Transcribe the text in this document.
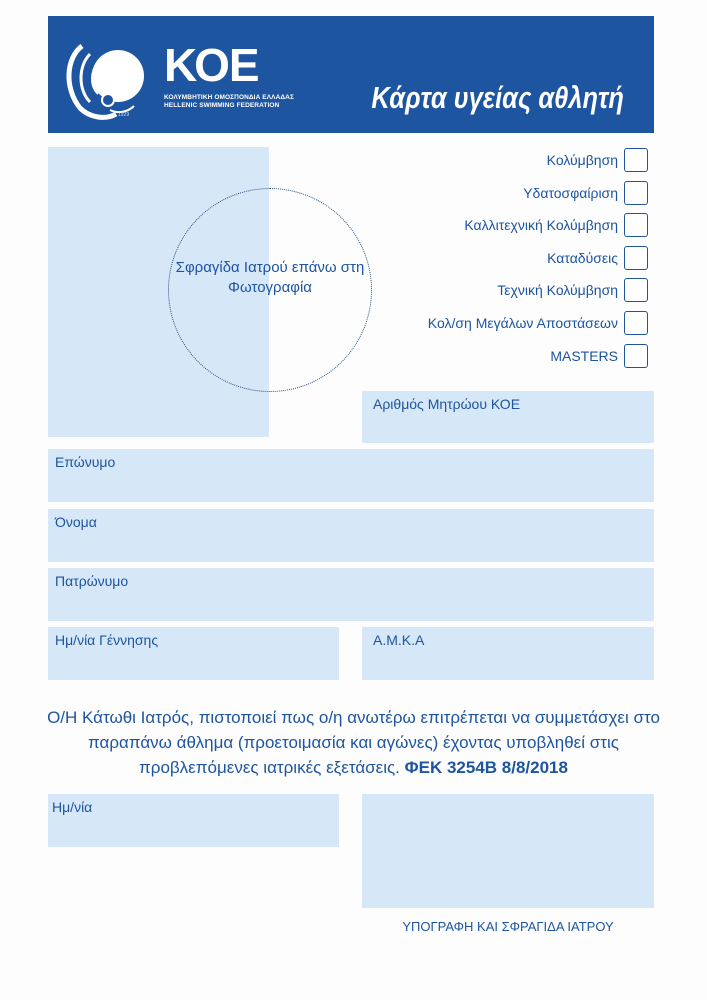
ΚΟΕ
ΚΟΛΥΜΒΗΤΙΚΗ ΟΜΟΣΠΟΝΔΙΑ ΕΛΛΑΔΑΣ
HELLENIC SWIMMING FEDERATION
1929	Κάρτα υγείας αθλητή
Σφραγίδα Ιατρού επάνω στη Φωτογραφία
Κολύμβηση
Υδατοσφαίριση
Καλλιτεχνική Κολύμβηση
Καταδύσεις
Τεχνική Κολύμβηση
Κολ/ση Μεγάλων Αποστάσεων
MASTERS
Αριθμός Μητρώου ΚΟΕ
Επώνυμο
Όνομα
Πατρώνυμο
Ημ/νία Γέννησης	Α.Μ.Κ.Α
Ο/Η Κάτωθι Ιατρός, πιστοποιεί πως ο/η ανωτέρω επιτρέπεται να συμμετάσχει στο παραπάνω άθλημα (προετοιμασία και αγώνες) έχοντας υποβληθεί στις προβλεπόμενες ιατρικές εξετάσεις. ΦΕΚ 3254Β 8/8/2018
Ημ/νία
ΥΠΟΓΡΑΦΗ ΚΑΙ ΣΦΡΑΓΙΔΑ ΙΑΤΡΟΥ
